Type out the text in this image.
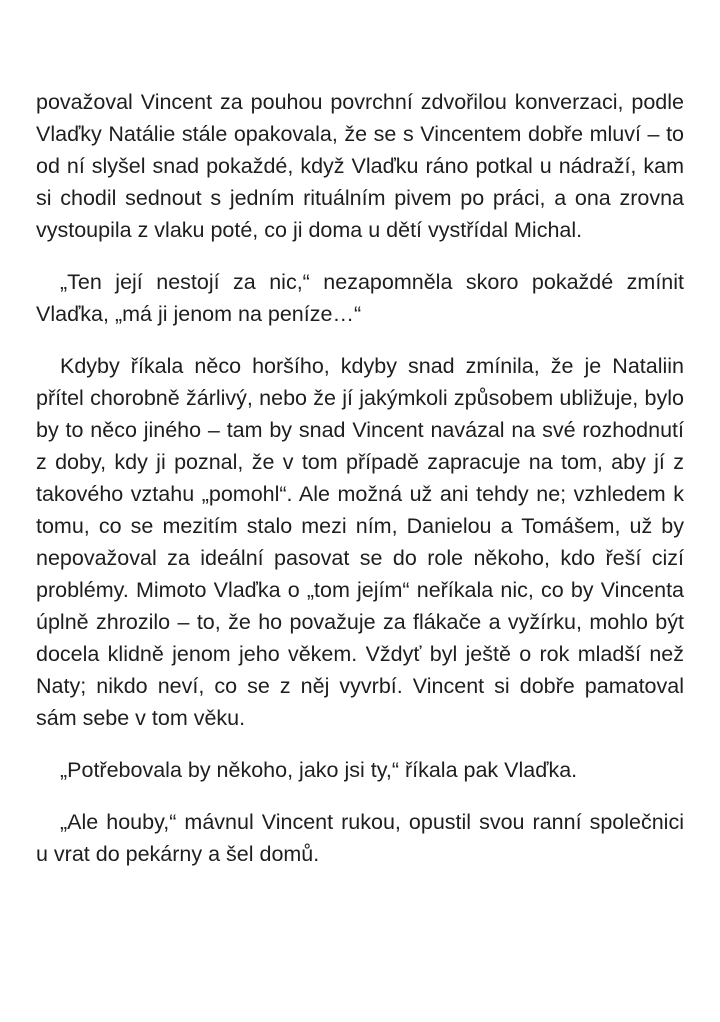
považoval Vincent za pouhou povrchní zdvořilou konverzaci, podle Vlaďky Natálie stále opakovala, že se s Vincentem dobře mluví – to od ní slyšel snad pokaždé, když Vlaďku ráno potkal u nádraží, kam si chodil sednout s jedním rituálním pivem po práci, a ona zrovna vystoupila z vlaku poté, co ji doma u dětí vystřídal Michal.

„Ten její nestojí za nic,“ nezapomněla skoro pokaždé zmínit Vlaďka, „má ji jenom na peníze…“

Kdyby říkala něco horšího, kdyby snad zmínila, že je Nataliin přítel chorobně žárlivý, nebo že jí jakýmkoli způsobem ubližuje, bylo by to něco jiného – tam by snad Vincent navázal na své rozhodnutí z doby, kdy ji poznal, že v tom případě zapracuje na tom, aby jí z takového vztahu „pomohl“. Ale možná už ani tehdy ne; vzhledem k tomu, co se mezitím stalo mezi ním, Danielou a Tomášem, už by nepovažoval za ideální pasovat se do role někoho, kdo řeší cizí problémy. Mimoto Vlaďka o „tom jejím“ neříkala nic, co by Vincenta úplně zhrozilo – to, že ho považuje za flákače a vyžírku, mohlo být docela klidně jenom jeho věkem. Vždyť byl ještě o rok mladší než Naty; nikdo neví, co se z něj vyvrbí. Vincent si dobře pamatoval sám sebe v tom věku.

„Potřebovala by někoho, jako jsi ty,“ říkala pak Vlaďka.

„Ale houby,“ mávnul Vincent rukou, opustil svou ranní společnici u vrat do pekárny a šel domů.
